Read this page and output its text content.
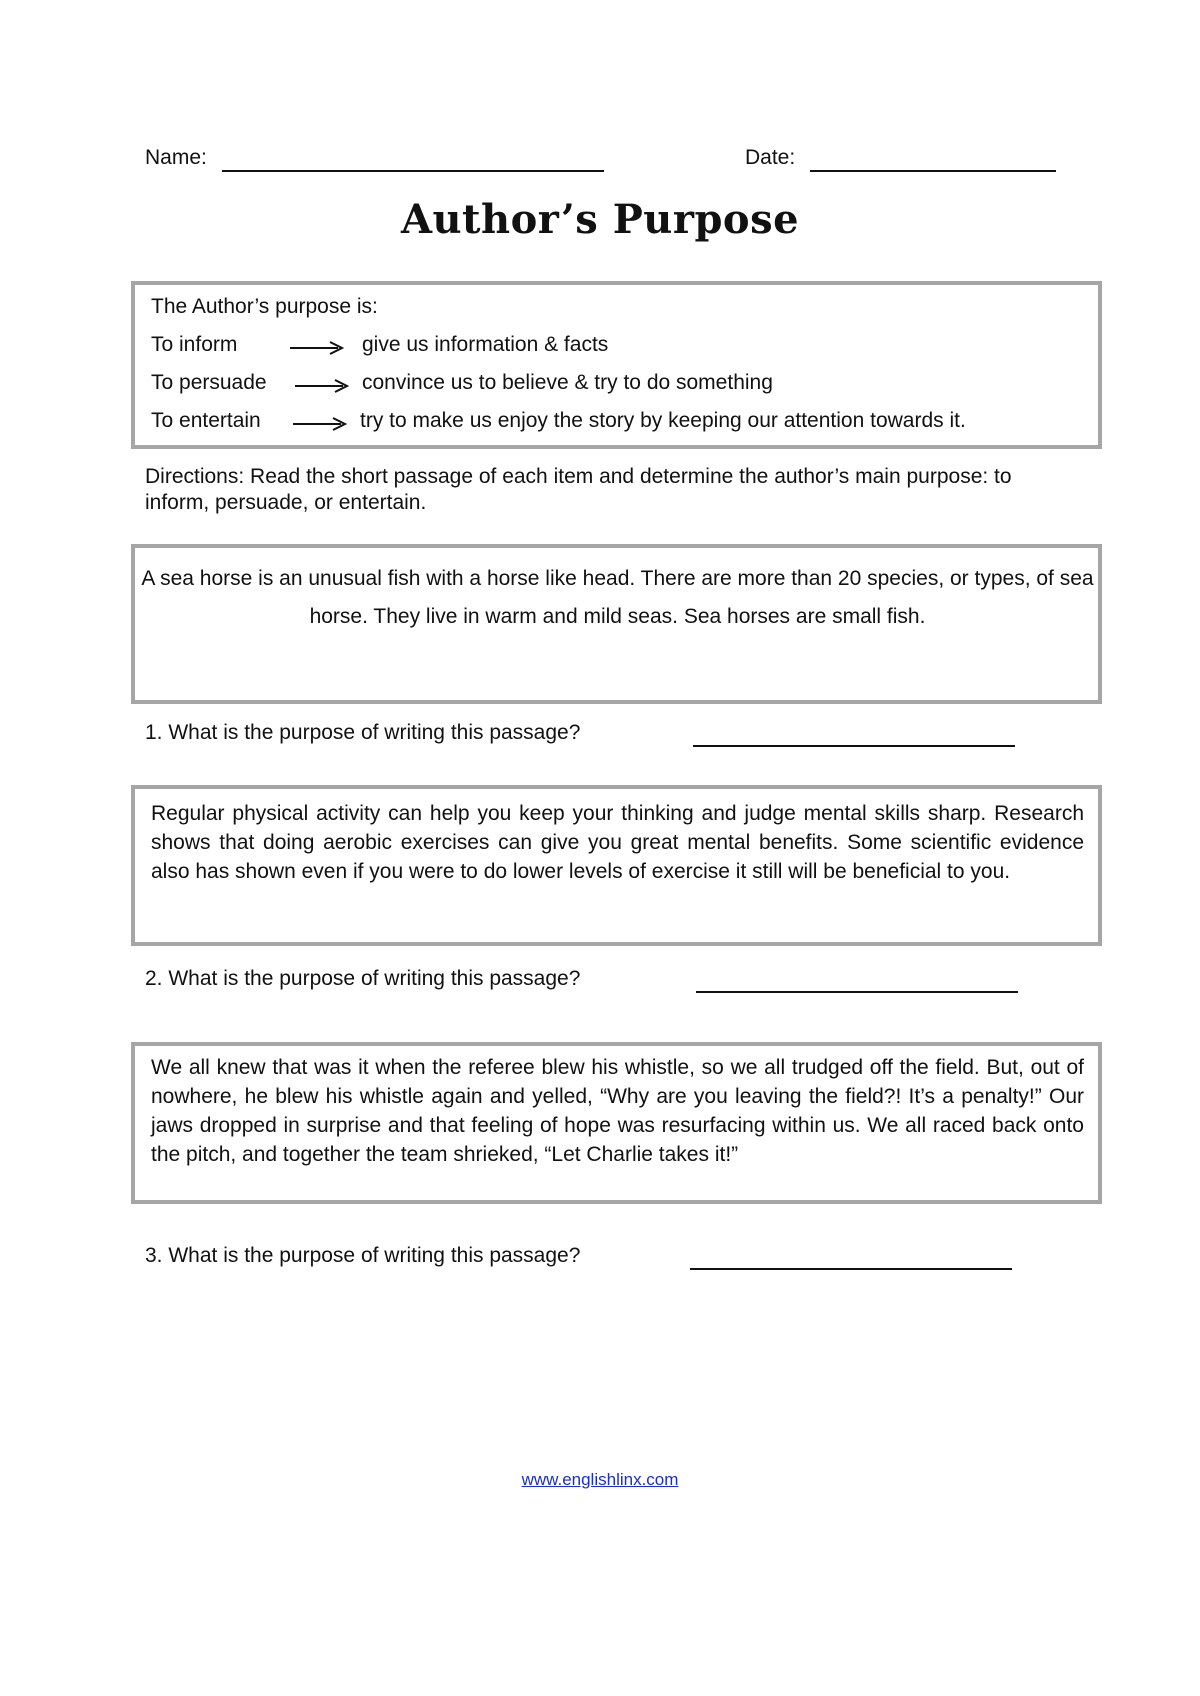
Name:	Date:
Author’s Purpose
The Author’s purpose is:
To inform	give us information & facts
To persuade	convince us to believe & try to do something
To entertain	try to make us enjoy the story by keeping our attention towards it.
Directions: Read the short passage of each item and determine the author’s main purpose: to inform, persuade, or entertain.
A sea horse is an unusual fish with a horse like head. There are more than 20 species, or types, of sea horse. They live in warm and mild seas. Sea horses are small fish.
1. What is the purpose of writing this passage?
Regular physical activity can help you keep your thinking and judge mental skills sharp. Research shows that doing aerobic exercises can give you great mental benefits. Some scientific evidence also has shown even if you were to do lower levels of exercise it still will be beneficial to you.
2. What is the purpose of writing this passage?
We all knew that was it when the referee blew his whistle, so we all trudged off the field. But, out of nowhere, he blew his whistle again and yelled, “Why are you leaving the field?! It’s a penalty!” Our jaws dropped in surprise and that feeling of hope was resurfacing within us. We all raced back onto the pitch, and together the team shrieked, “Let Charlie takes it!”
3. What is the purpose of writing this passage?
www.englishlinx.com
